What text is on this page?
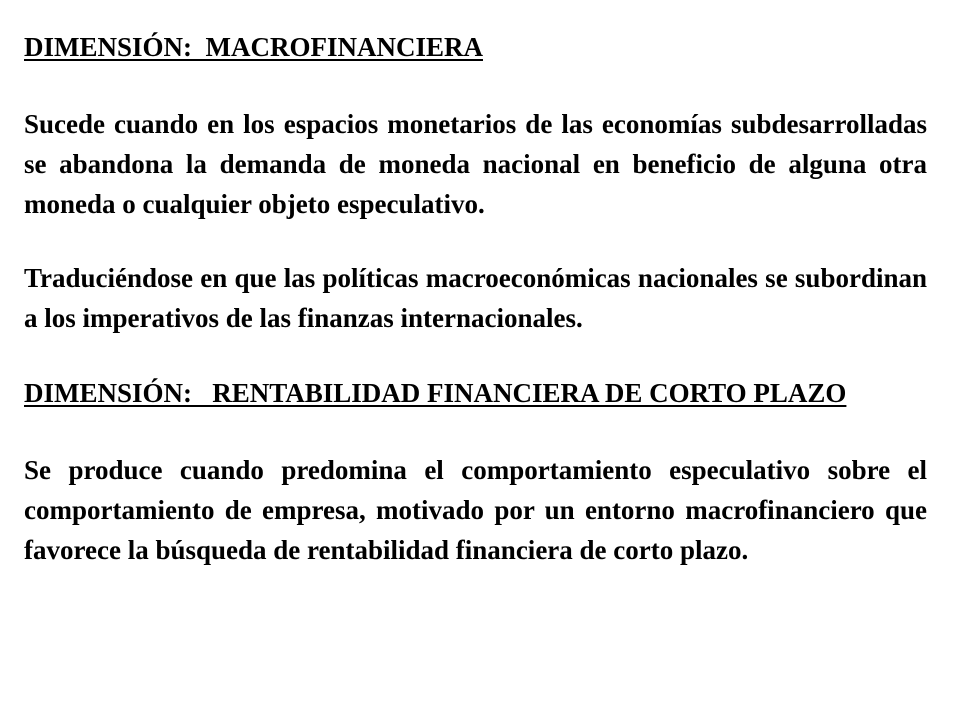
DIMENSIÓN:  MACROFINANCIERA

Sucede cuando en los espacios monetarios de las economías subdesarrolladas se abandona la demanda de moneda nacional en beneficio de alguna otra moneda o cualquier objeto especulativo.

Traduciéndose en que las políticas macroeconómicas nacionales se subordinan a los imperativos de las finanzas internacionales.

DIMENSIÓN:   RENTABILIDAD FINANCIERA DE CORTO PLAZO

Se produce cuando predomina el comportamiento especulativo sobre el comportamiento de empresa, motivado por un entorno macrofinanciero que favorece la búsqueda de rentabilidad financiera de corto plazo.
